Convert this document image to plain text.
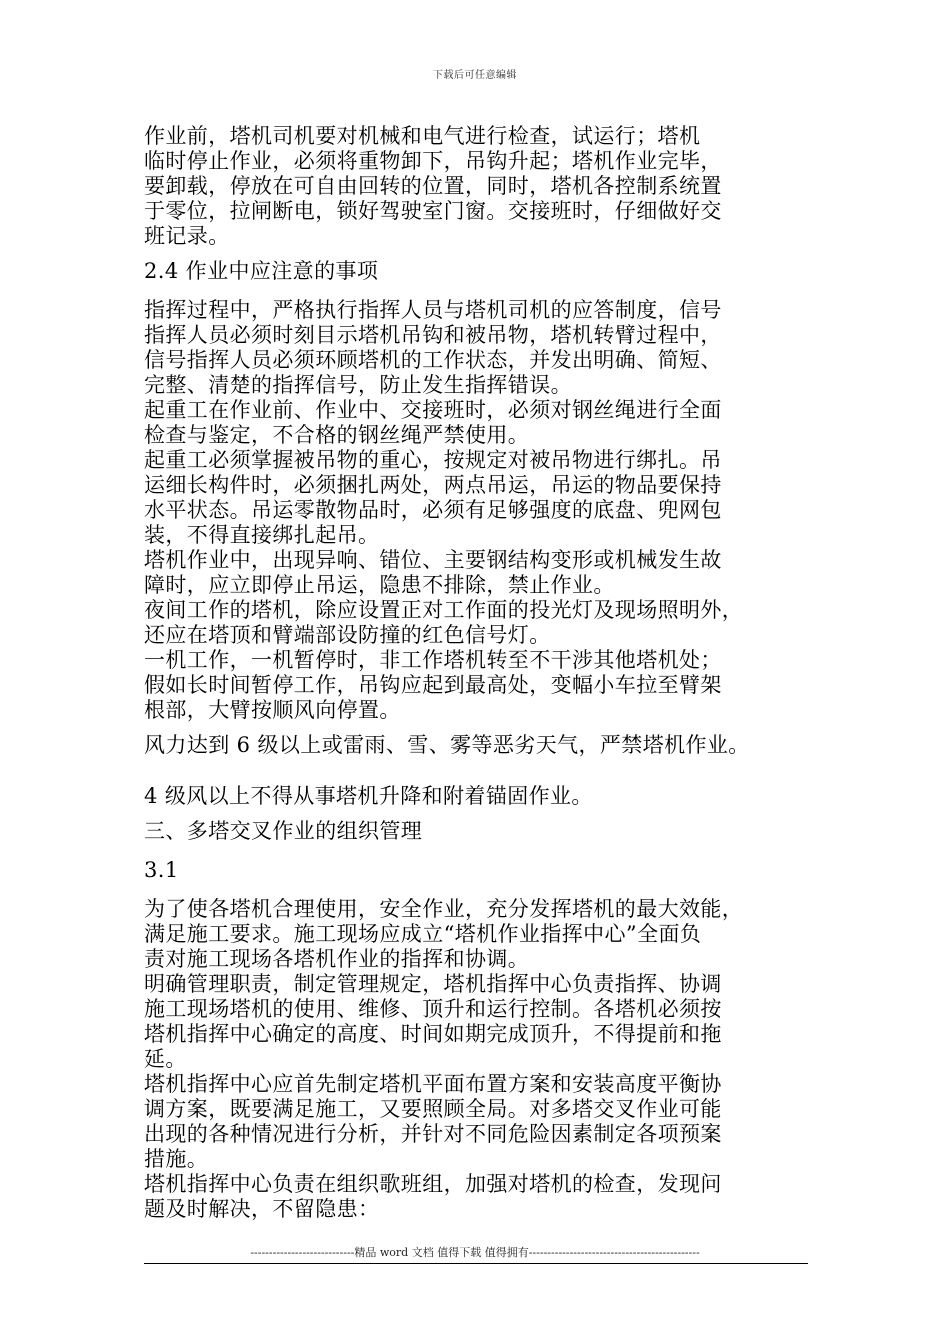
下载后可任意编辑

作业前，塔机司机要对机械和电气进行检查，试运行；塔机

临时停止作业，必须将重物卸下，吊钩升起；塔机作业完毕，

要卸载，停放在可自由回转的位置，同时，塔机各控制系统置

于零位，拉闸断电，锁好驾驶室门窗。交接班时，仔细做好交

班记录。

2.4 作业中应注意的事项

指挥过程中，严格执行指挥人员与塔机司机的应答制度，信号

指挥人员必须时刻目示塔机吊钩和被吊物，塔机转臂过程中，

信号指挥人员必须环顾塔机的工作状态，并发出明确、简短、

完整、清楚的指挥信号，防止发生指挥错误。

起重工在作业前、作业中、交接班时，必须对钢丝绳进行全面

检查与鉴定，不合格的钢丝绳严禁使用。

起重工必须掌握被吊物的重心，按规定对被吊物进行绑扎。吊

运细长构件时，必须捆扎两处，两点吊运，吊运的物品要保持

水平状态。吊运零散物品时，必须有足够强度的底盘、兜网包

装，不得直接绑扎起吊。

塔机作业中，出现异响、错位、主要钢结构变形或机械发生故

障时，应立即停止吊运，隐患不排除，禁止作业。

夜间工作的塔机，除应设置正对工作面的投光灯及现场照明外，

还应在塔顶和臂端部设防撞的红色信号灯。

一机工作，一机暂停时，非工作塔机转至不干涉其他塔机处；

假如长时间暂停工作，吊钩应起到最高处，变幅小车拉至臂架

根部，大臂按顺风向停置。

风力达到 6 级以上或雷雨、雪、雾等恶劣天气，严禁塔机作业。

4 级风以上不得从事塔机升降和附着锚固作业。

三、多塔交叉作业的组织管理

3.1

为了使各塔机合理使用，安全作业，充分发挥塔机的最大效能，

满足施工要求。施工现场应成立“塔机作业指挥中心”全面负

责对施工现场各塔机作业的指挥和协调。

明确管理职责，制定管理规定，塔机指挥中心负责指挥、协调

施工现场塔机的使用、维修、顶升和运行控制。各塔机必须按

塔机指挥中心确定的高度、时间如期完成顶升，不得提前和拖

延。

塔机指挥中心应首先制定塔机平面布置方案和安装高度平衡协

调方案，既要满足施工，又要照顾全局。对多塔交叉作业可能

出现的各种情况进行分析，并针对不同危险因素制定各项预案

措施。

塔机指挥中心负责在组织歌班组，加强对塔机的检查，发现问

题及时解决，不留隐患：

----------------------------精品 word 文档 值得下载 值得拥有----------------------------------------------
